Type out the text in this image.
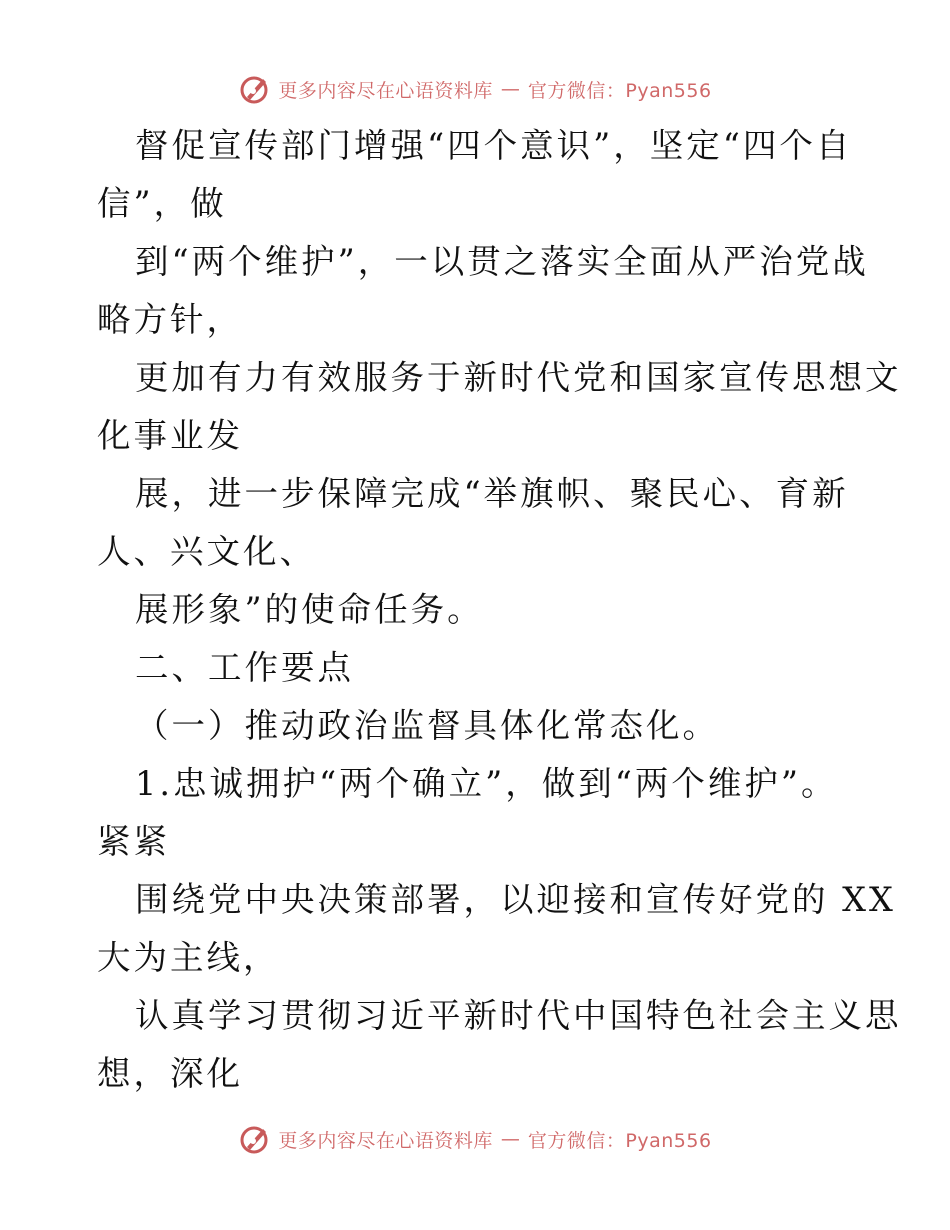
更多内容尽在心语资料库 — 官方微信：Pyan556
督促宣传部门增强“四个意识”，坚定“四个自
信”，做
到“两个维护”，一以贯之落实全面从严治党战
略方针，
更加有力有效服务于新时代党和国家宣传思想文
化事业发
展，进一步保障完成“举旗帜、聚民心、育新
人、兴文化、
展形象”的使命任务。
二、工作要点
（一）推动政治监督具体化常态化。
1.忠诚拥护“两个确立”，做到“两个维护”。
紧紧
围绕党中央决策部署，以迎接和宣传好党的 XX
大为主线，
认真学习贯彻习近平新时代中国特色社会主义思
想，深化
更多内容尽在心语资料库 — 官方微信：Pyan556
